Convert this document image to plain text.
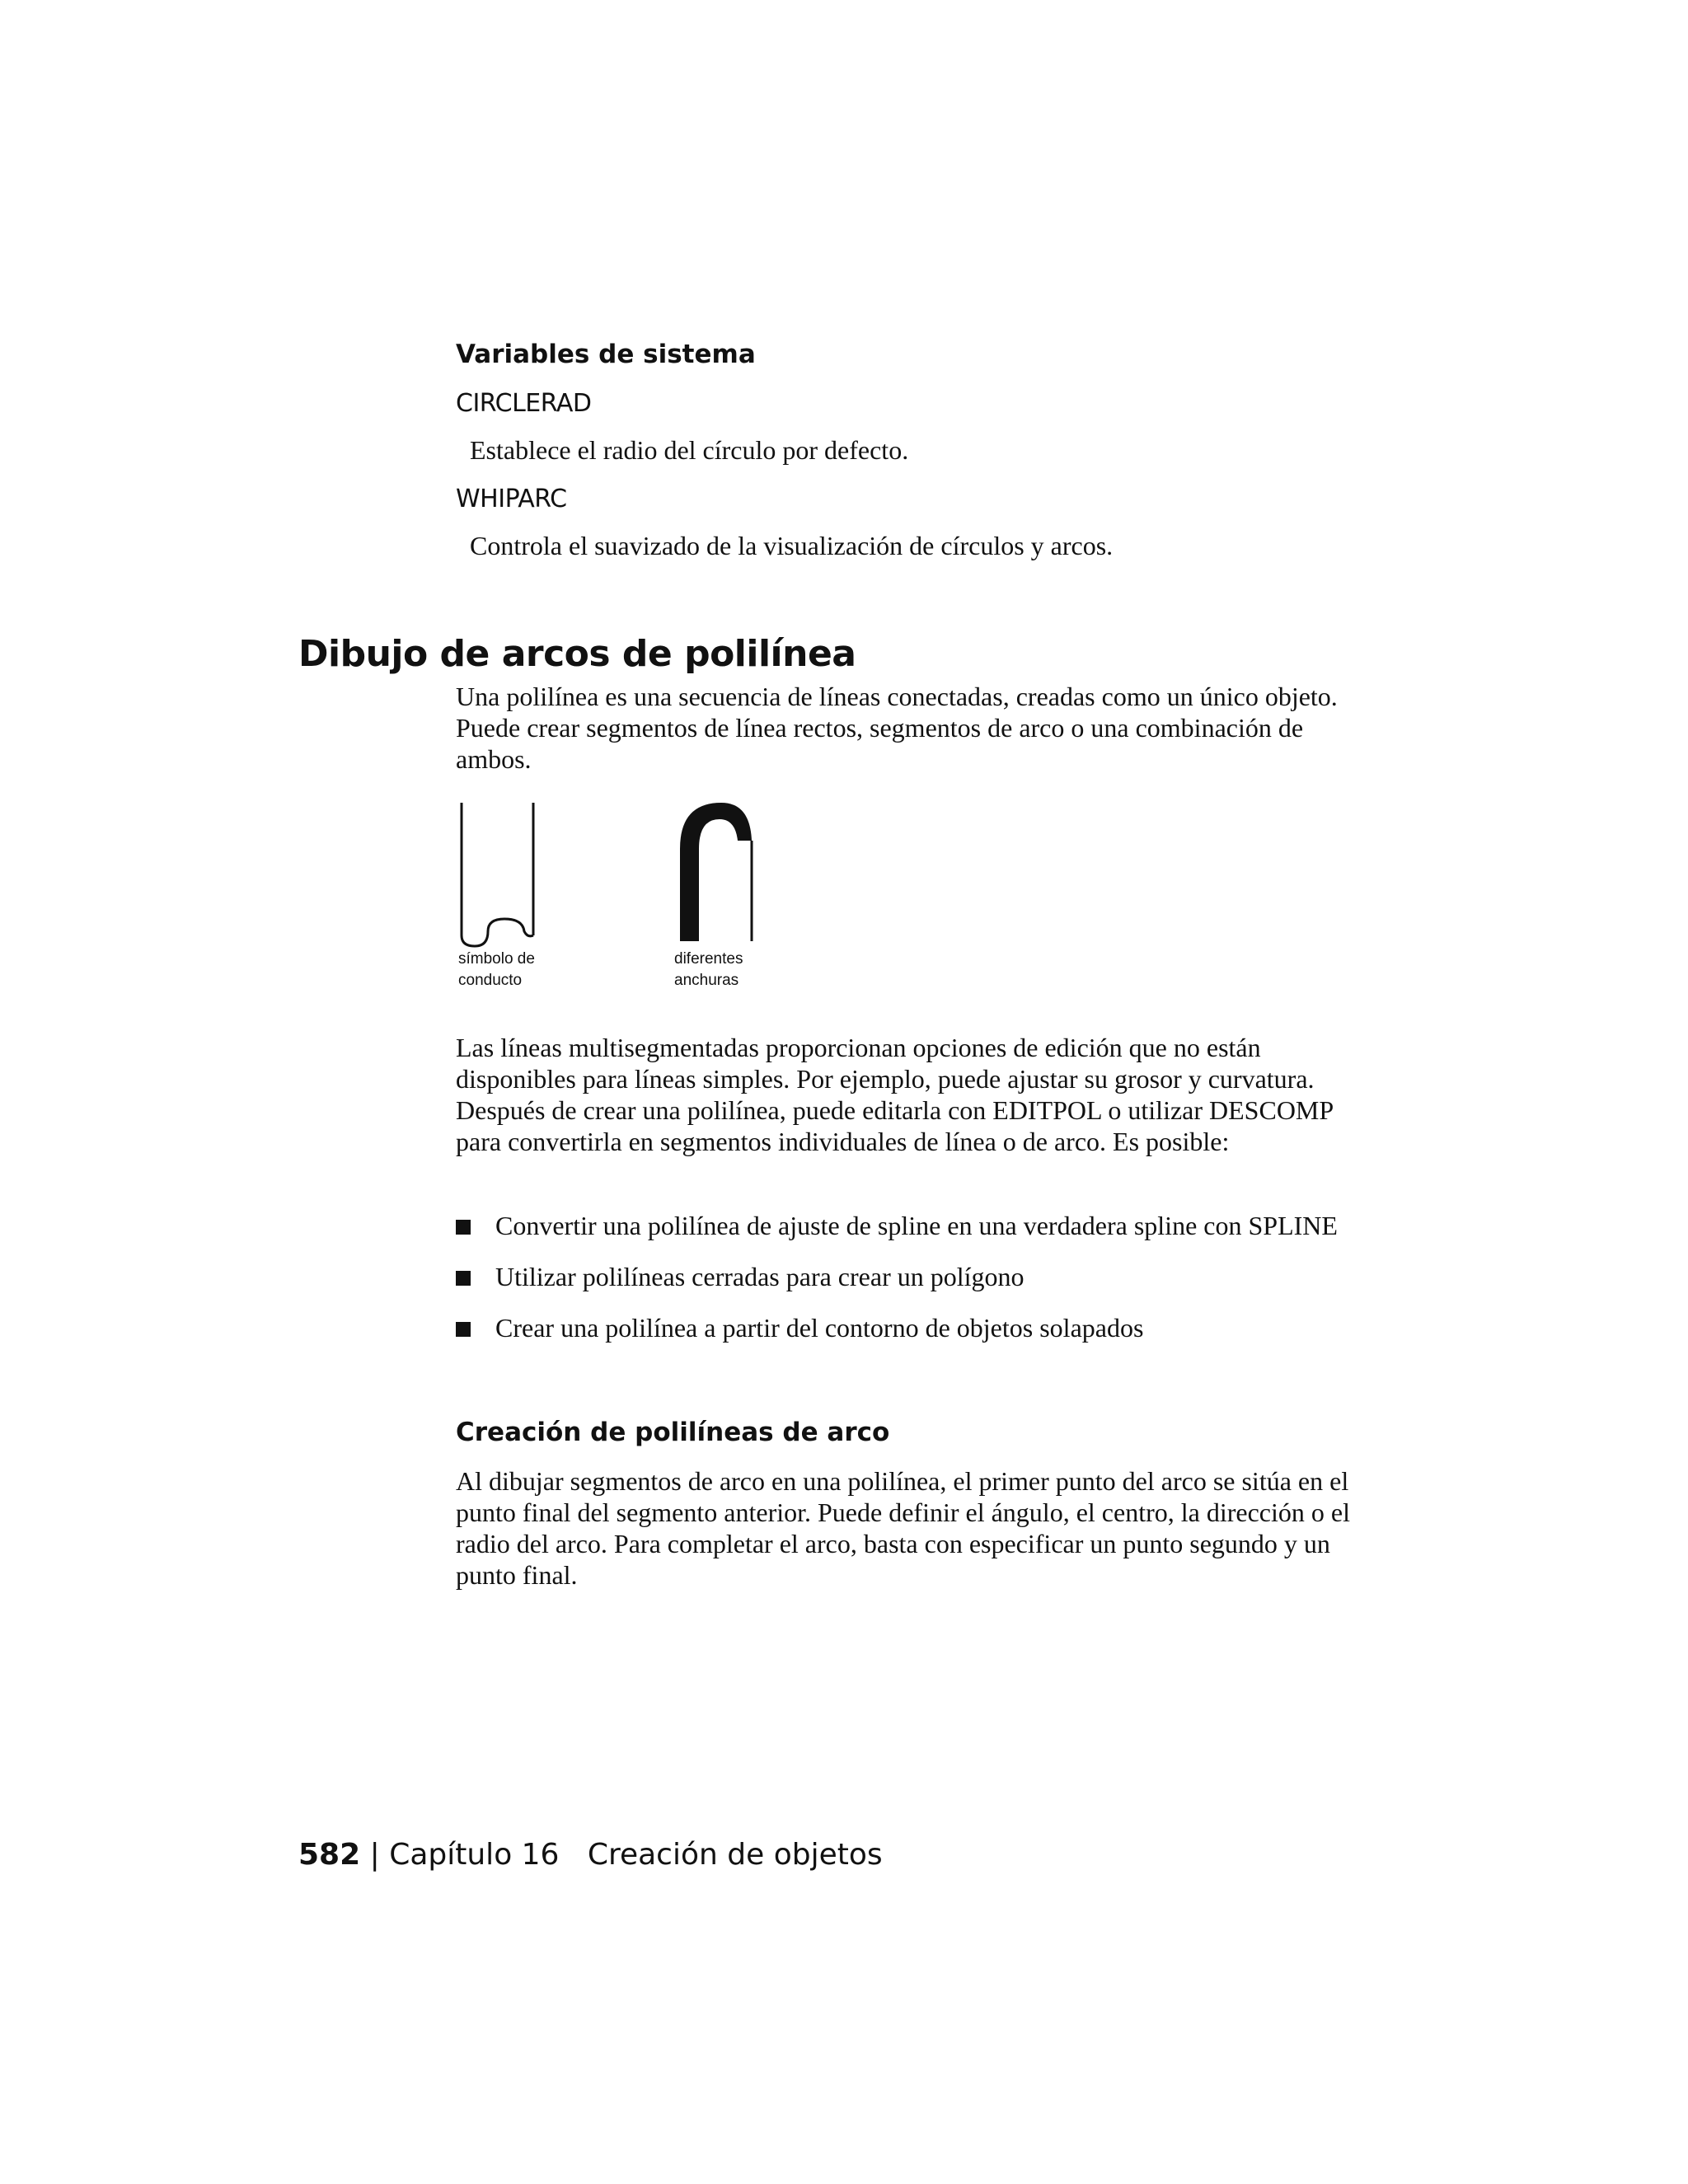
Variables de sistema
CIRCLERAD
Establece el radio del círculo por defecto.
WHIPARC
Controla el suavizado de la visualización de círculos y arcos.
Dibujo de arcos de polilínea
Una polilínea es una secuencia de líneas conectadas, creadas como un único objeto. Puede crear segmentos de línea rectos, segmentos de arco o una combinación de ambos.
símbolo de
conducto
diferentes
anchuras
Las líneas multisegmentadas proporcionan opciones de edición que no están disponibles para líneas simples. Por ejemplo, puede ajustar su grosor y curvatura. Después de crear una polilínea, puede editarla con EDITPOL o utilizar DESCOMP para convertirla en segmentos individuales de línea o de arco. Es posible:
Convertir una polilínea de ajuste de spline en una verdadera spline con SPLINE
Utilizar polilíneas cerradas para crear un polígono
Crear una polilínea a partir del contorno de objetos solapados
Creación de polilíneas de arco
Al dibujar segmentos de arco en una polilínea, el primer punto del arco se sitúa en el punto final del segmento anterior. Puede definir el ángulo, el centro, la dirección o el radio del arco. Para completar el arco, basta con especificar un punto segundo y un punto final.
582 | Capítulo 16 Creación de objetos
